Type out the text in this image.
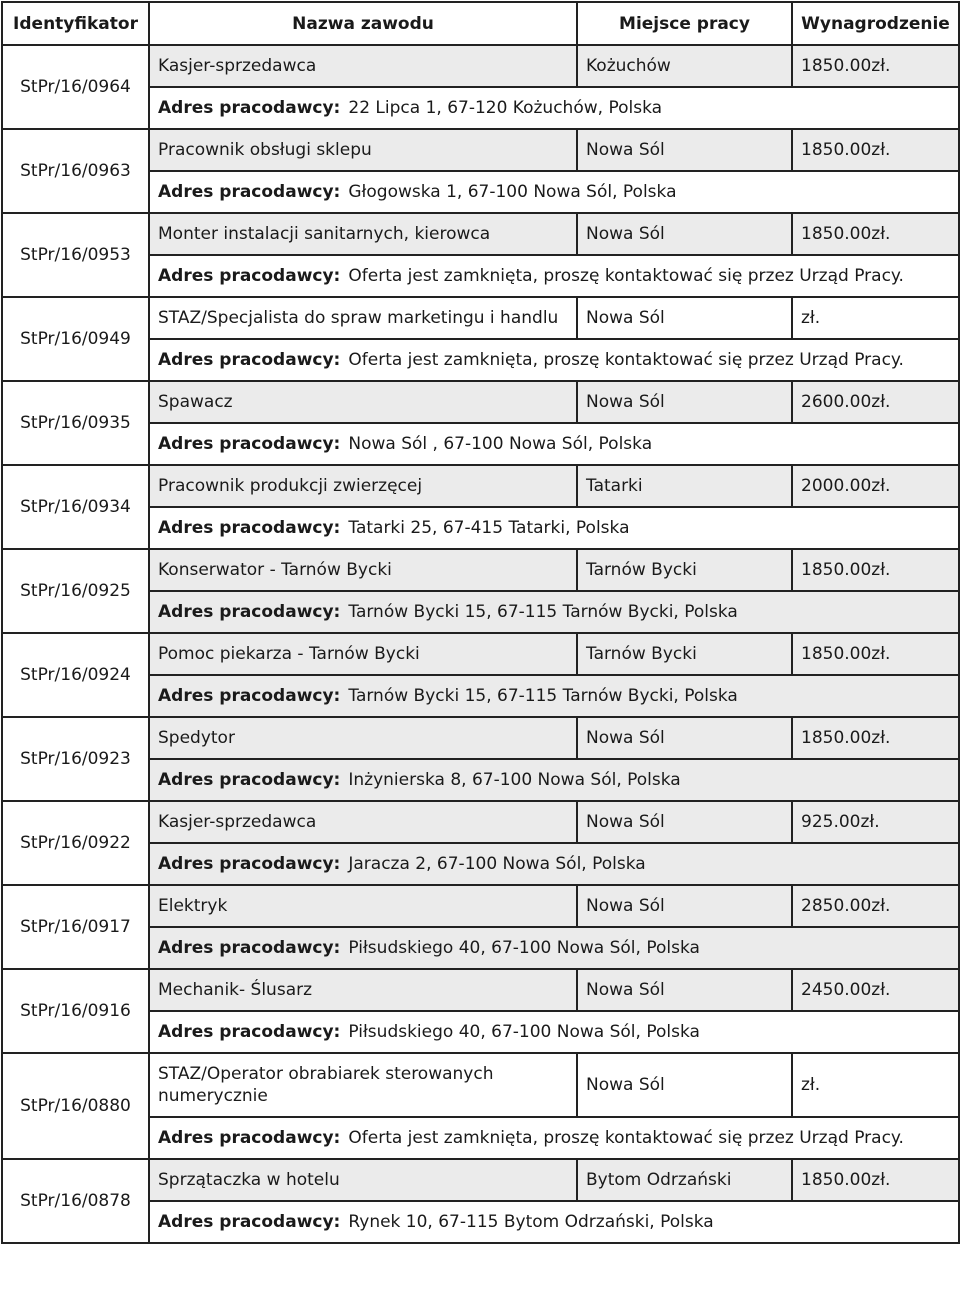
Identyfikator	Nazwa zawodu	Miejsce pracy	Wynagrodzenie
StPr/16/0964	Kasjer-sprzedawca	Kożuchów	1850.00zł.
	Adres pracodawcy: 22 Lipca 1, 67-120 Kożuchów, Polska		
StPr/16/0963	Pracownik obsługi sklepu	Nowa Sól	1850.00zł.
	Adres pracodawcy: Głogowska 1, 67-100 Nowa Sól, Polska		
StPr/16/0953	Monter instalacji sanitarnych, kierowca	Nowa Sól	1850.00zł.
	Adres pracodawcy: Oferta jest zamknięta, proszę kontaktować się przez Urząd Pracy.		
StPr/16/0949	STAZ/Specjalista do spraw marketingu i handlu	Nowa Sól	zł.
	Adres pracodawcy: Oferta jest zamknięta, proszę kontaktować się przez Urząd Pracy.		
StPr/16/0935	Spawacz	Nowa Sól	2600.00zł.
	Adres pracodawcy: Nowa Sól , 67-100 Nowa Sól, Polska		
StPr/16/0934	Pracownik produkcji zwierzęcej	Tatarki	2000.00zł.
	Adres pracodawcy: Tatarki 25, 67-415 Tatarki, Polska		
StPr/16/0925	Konserwator - Tarnów Bycki	Tarnów Bycki	1850.00zł.
	Adres pracodawcy: Tarnów Bycki 15, 67-115 Tarnów Bycki, Polska		
StPr/16/0924	Pomoc piekarza - Tarnów Bycki	Tarnów Bycki	1850.00zł.
	Adres pracodawcy: Tarnów Bycki 15, 67-115 Tarnów Bycki, Polska		
StPr/16/0923	Spedytor	Nowa Sól	1850.00zł.
	Adres pracodawcy: Inżynierska 8, 67-100 Nowa Sól, Polska		
StPr/16/0922	Kasjer-sprzedawca	Nowa Sól	925.00zł.
	Adres pracodawcy: Jaracza 2, 67-100 Nowa Sól, Polska		
StPr/16/0917	Elektryk	Nowa Sól	2850.00zł.
	Adres pracodawcy: Piłsudskiego 40, 67-100 Nowa Sól, Polska		
StPr/16/0916	Mechanik- Ślusarz	Nowa Sól	2450.00zł.
	Adres pracodawcy: Piłsudskiego 40, 67-100 Nowa Sól, Polska		
StPr/16/0880	STAZ/Operator obrabiarek sterowanych numerycznie	Nowa Sól	zł.
	Adres pracodawcy: Oferta jest zamknięta, proszę kontaktować się przez Urząd Pracy.		
StPr/16/0878	Sprzątaczka w hotelu	Bytom Odrzański	1850.00zł.
	Adres pracodawcy: Rynek 10, 67-115 Bytom Odrzański, Polska		
